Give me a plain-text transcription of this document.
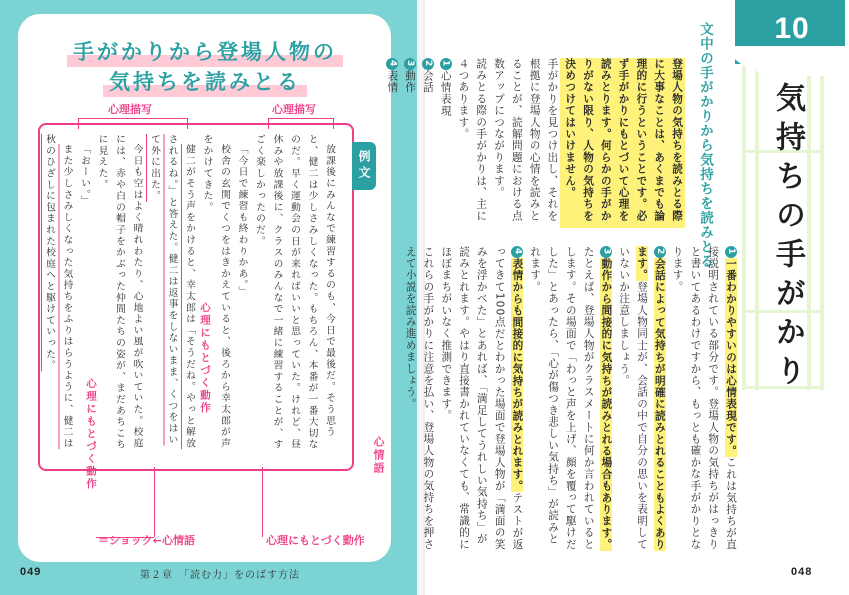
手がかりから登場人物の
気持ちを読みとる
心理描写	心理描写
例文

放課後にみんなで練習するのも、今日で最後だ。そう思うと、健二は少しさみしくなった。もちろん、本番が一番大切なのだ。早く運動会の日が来ればいいと思っていた。けれど、昼休みや放課後に、クラスのみんなで一緒に練習することが、すごく楽しかったのだ。

「今日で練習も終わりかあ。」

校舎の玄関でくつをはきかえていると、後ろから幸太郎が声をかけてきた。

健二がそう声をかけると、幸太郎は「そうだね。やっと解放されるね。」と答えた。健二は返事をしないまま、くつをはいて外に出た。

今日も空はよく晴れわたり、心地よい風が吹いていた。校庭には、赤や白の帽子をかぶった仲間たちの姿が、まだあちこちに見えた。

「おーい。」

また少しさみしくなった気持ちをふりはらうように、健二は秋のひざしに包まれた校庭へと駆けていった。

心情語
心理にもとづく動作
心理にもとづく動作
＝ショック←心情語	心理にもとづく動作
049	第２章　「読む力」をのばす方法
10
気持ちの手がかり
文中の手がかりから気持ちを読みとる

登場人物の気持ちを読みとる際に大事なことは、あくまでも論理的に行うということです。必ず手がかりにもとづいて心理を読みとります。何らかの手がかりがない限り、人物の気持ちを決めつけてはいけません。

手がかりを見つけ出し、それを根拠に登場人物の心情を読みとることが、読解問題における点数アップにつながります。

読みとる際の手がかりは、主に４つあります。

1心情表現

2会話

3動作

4表情

1一番わかりやすいのは心情表現です。これは気持ちが直接説明されている部分です。登場人物の気持ちがはっきりと書いてあるわけですから、もっとも確かな手がかりとなります。

2会話によって気持ちが明確に読みとれることもよくあります。登場人物同士が、会話の中で自分の思いを表明していないか注意しましょう。

3動作から間接的に気持ちが読みとれる場合もあります。たとえば、登場人物がクラスメートに何か言われているとします。その場面で「わっと声を上げ、顔を覆って駆けだした」とあったら、「心が傷つき悲しい気持ち」が読みとれます。

4表情からも間接的に気持ちが読みとれます。テストが返ってきて100点だとわかった場面で登場人物が「満面の笑みを浮かべた」とあれば、「満足してうれしい気持ち」が読みとれます。やはり直接書かれていなくても、常識的にほぼまちがいなく推測できます。

これらの手がかりに注意を払い、登場人物の気持ちを押さえて小説を読み進めましょう。

048
